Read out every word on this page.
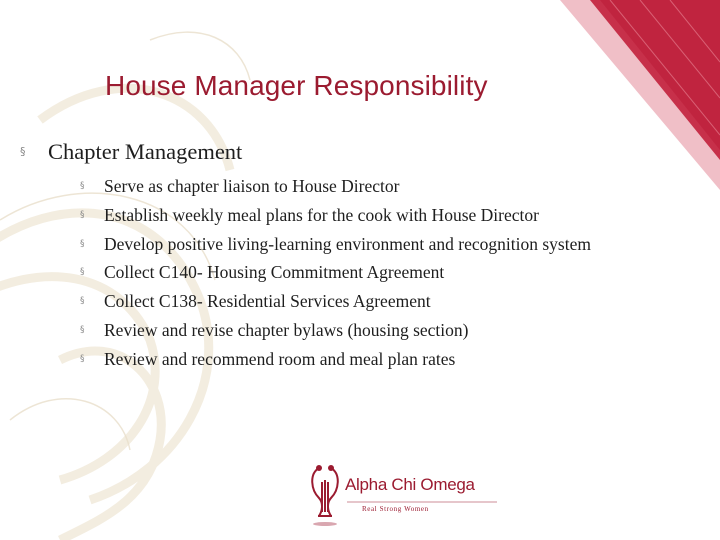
House Manager Responsibility
§ Chapter Management
§ Serve as chapter liaison to House Director
§ Establish weekly meal plans for the cook with House Director
§ Develop positive living-learning environment and recognition system
§ Collect C140- Housing Commitment Agreement
§ Collect C138- Residential Services Agreement
§ Review and revise chapter bylaws (housing section)
§ Review and recommend room and meal plan rates
Alpha Chi Omega
Real Strong Women
